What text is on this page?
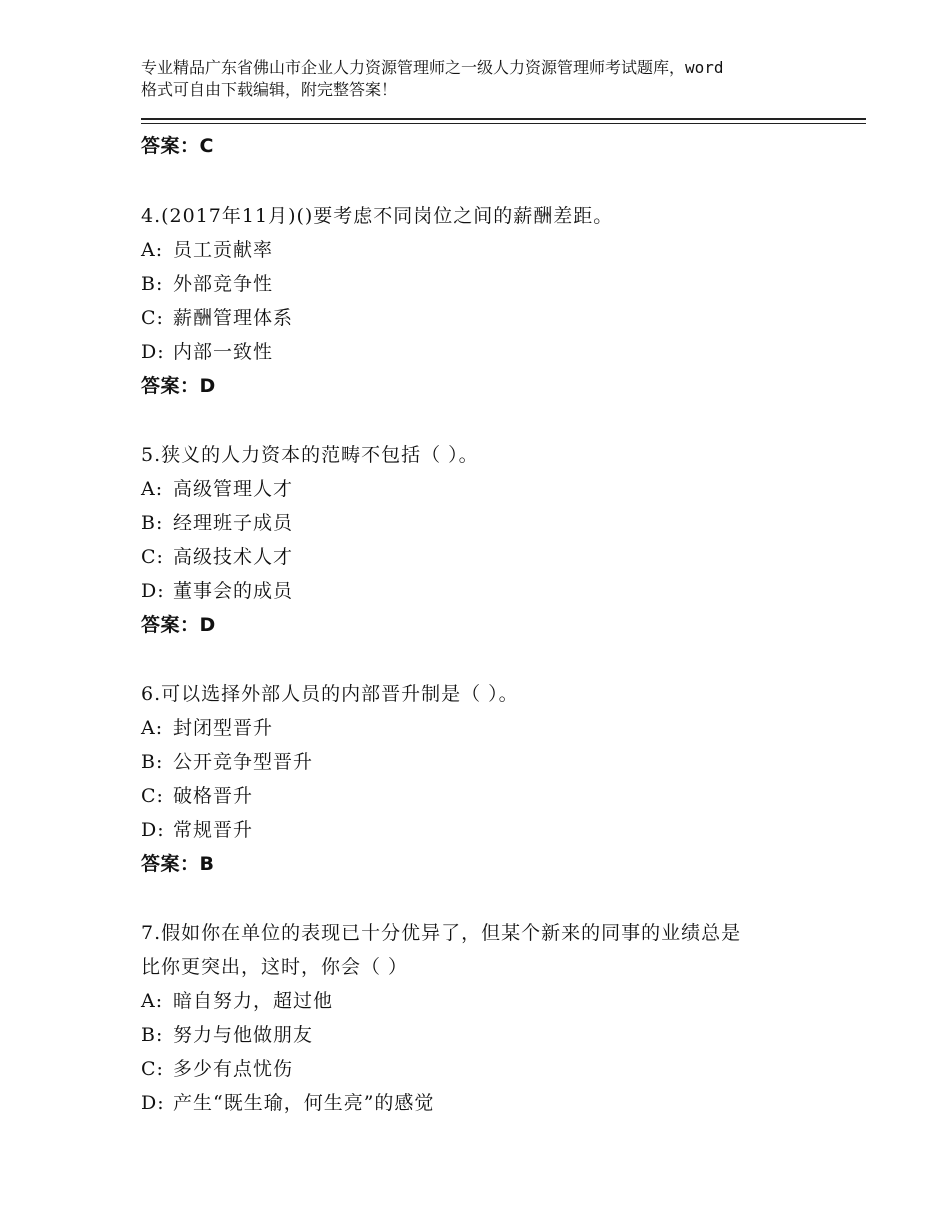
专业精品广东省佛山市企业人力资源管理师之一级人力资源管理师考试题库，word
格式可自由下载编辑，附完整答案！
答案：C
4.(2017年11月)()要考虑不同岗位之间的薪酬差距。
A: 员工贡献率
B: 外部竞争性
C: 薪酬管理体系
D: 内部一致性
答案：D
5.狭义的人力资本的范畴不包括（ ）。
A: 高级管理人才
B: 经理班子成员
C: 高级技术人才
D: 董事会的成员
答案：D
6.可以选择外部人员的内部晋升制是（ ）。
A: 封闭型晋升
B: 公开竞争型晋升
C: 破格晋升
D: 常规晋升
答案：B
7.假如你在单位的表现已十分优异了，但某个新来的同事的业绩总是
比你更突出，这时，你会（ ）
A: 暗自努力，超过他
B: 努力与他做朋友
C: 多少有点忧伤
D: 产生“既生瑜，何生亮”的感觉
